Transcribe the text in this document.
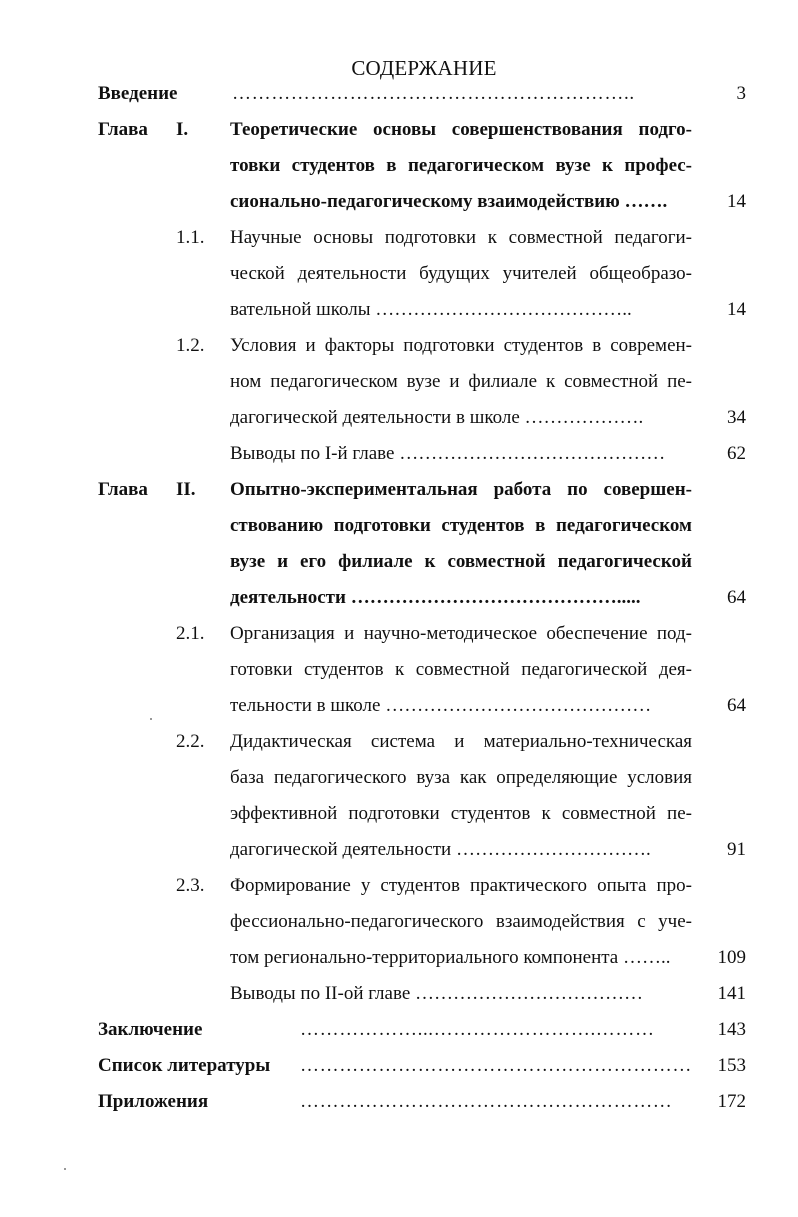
СОДЕРЖАНИЕ
Введение	……………………………………………………..	3
Глава I. Теоретические основы совершенствования подго-
товки студентов в педагогическом вузе к профес-
сионально-педагогическому взаимодействию …….	14
1.1. Научные основы подготовки к совместной педагоги-
ческой деятельности будущих учителей общеобразо-
вательной школы …………………………………..	14
1.2. Условия и факторы подготовки студентов в современ-
ном педагогическом вузе и филиале к совместной пе-
дагогической деятельности в школе ……………….	34
Выводы по I-й главе ……………………………………	62
Глава II. Опытно-экспериментальная работа по совершен-
ствованию подготовки студентов в педагогическом
вузе и его филиале к совместной педагогической
деятельности …………………………………….....	64
2.1. Организация и научно-методическое обеспечение под-
готовки студентов к совместной педагогической дея-
тельности в школе ……………………………………	64
2.2. Дидактическая система и материально-техническая
база педагогического вуза как определяющие условия
эффективной подготовки студентов к совместной пе-
дагогической деятельности ………………………….	91
2.3. Формирование у студентов практического опыта про-
фессионально-педагогического взаимодействия с уче-
том регионально-территориального компонента ……..	109
Выводы по II-ой главе ………………………………	141
Заключение	………………...…………………….………	143
Список литературы ……………………………………………………	153
Приложения	…………………………………………………	172
